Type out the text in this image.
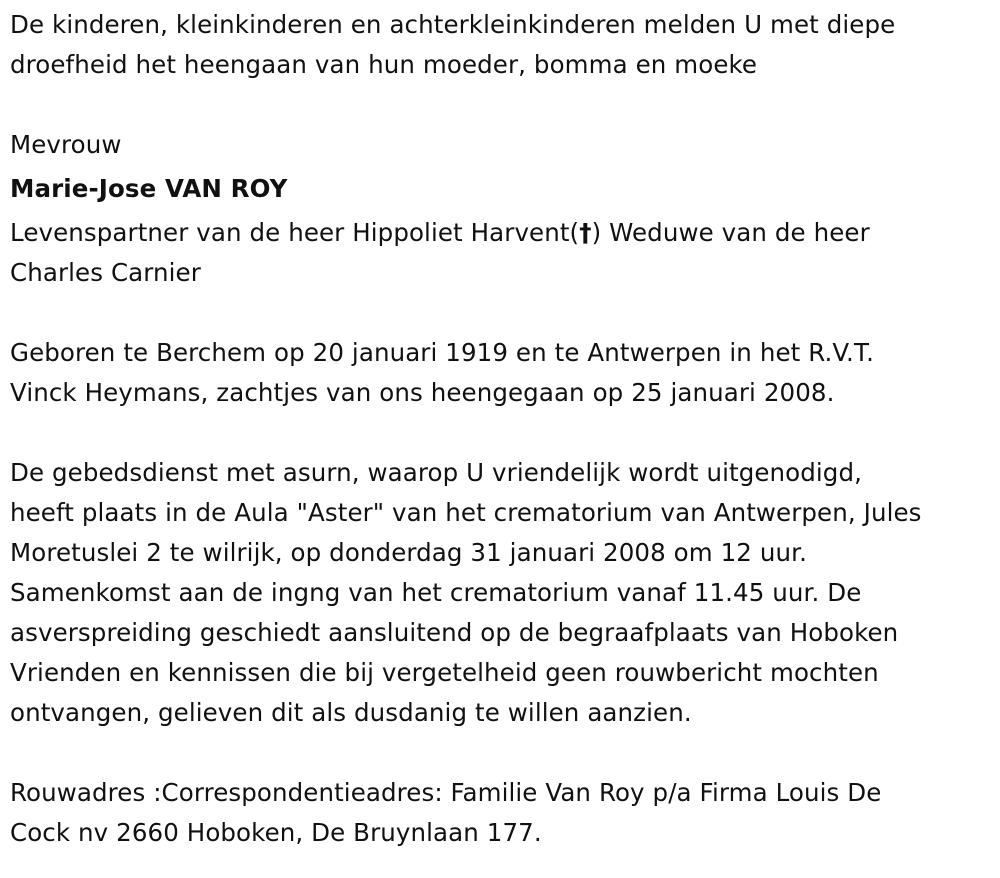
De kinderen, kleinkinderen en achterkleinkinderen melden U met diepe
droefheid het heengaan van hun moeder, bomma en moeke

Mevrouw

Marie-Jose VAN ROY

Levenspartner van de heer Hippoliet Harvent(†) Weduwe van de heer
Charles Carnier

Geboren te Berchem op 20 januari 1919 en te Antwerpen in het R.V.T.
Vinck Heymans, zachtjes van ons heengegaan op 25 januari 2008.

De gebedsdienst met asurn, waarop U vriendelijk wordt uitgenodigd,
heeft plaats in de Aula "Aster" van het crematorium van Antwerpen, Jules
Moretuslei 2 te wilrijk, op donderdag 31 januari 2008 om 12 uur.
Samenkomst aan de ingng van het crematorium vanaf 11.45 uur. De
asverspreiding geschiedt aansluitend op de begraafplaats van Hoboken
Vrienden en kennissen die bij vergetelheid geen rouwbericht mochten
ontvangen, gelieven dit als dusdanig te willen aanzien.

Rouwadres :Correspondentieadres: Familie Van Roy p/a Firma Louis De
Cock nv 2660 Hoboken, De Bruynlaan 177.
